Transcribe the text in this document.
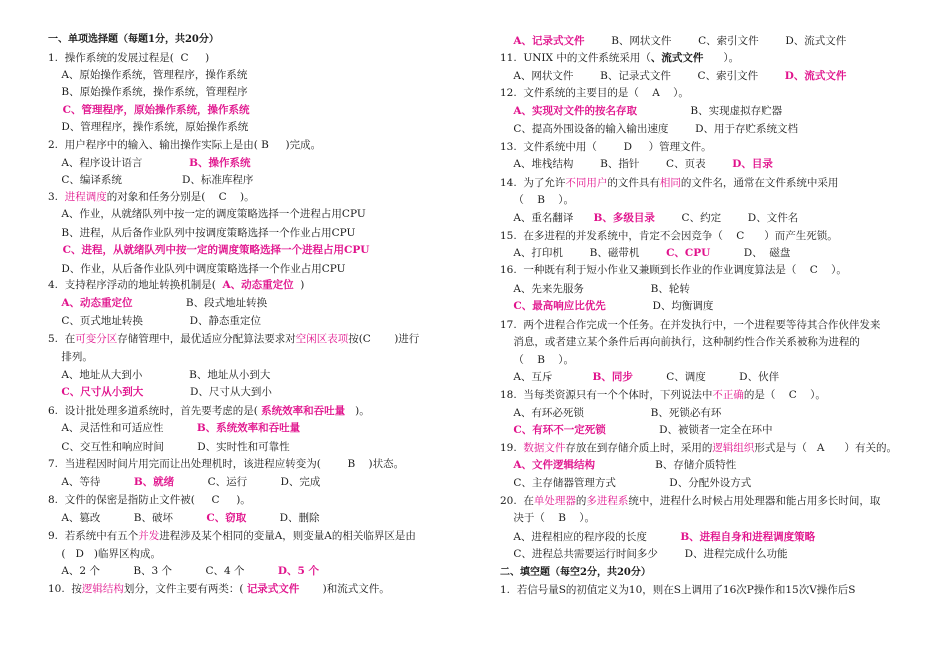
一、单项选择题（每题1分，共20分）
1.  操作系统的发展过程是(  C     )
A、原始操作系统，管理程序，操作系统
B、原始操作系统，操作系统，管理程序
C、管理程序，原始操作系统，操作系统
D、管理程序，操作系统，原始操作系统
2.  用户程序中的输入、输出操作实际上是由( B     )完成。
A、程序设计语言              B、操作系统
C、编译系统                  D、标准库程序
3.  进程调度的对象和任务分别是(    C    )。
A、作业，从就绪队列中按一定的调度策略选择一个进程占用CPU
B、进程，从后备作业队列中按调度策略选择一个作业占用CPU
C、进程，从就绪队列中按一定的调度策略选择一个进程占用CPU
D、作业，从后备作业队列中调度策略选择一个作业占用CPU
4.  支持程序浮动的地址转换机制是(  A、动态重定位  )
A、动态重定位                B、段式地址转换
C、页式地址转换              D、静态重定位
5.  在可变分区存储管理中，最优适应分配算法要求对空闲区表项按(C       )进行
排列。
A、地址从大到小              B、地址从小到大
C、尺寸从小到大              D、尺寸从大到小
6.  设计批处理多道系统时，首先要考虑的是( 系统效率和吞吐量   )。
A、灵活性和可适应性          B、系统效率和吞吐量
C、交互性和响应时间          D、实时性和可靠性
7.  当进程因时间片用完而让出处理机时，该进程应转变为(        B    )状态。
A、等待          B、就绪          C、运行          D、完成
8.  文件的保密是指防止文件被(     C     )。
A、篡改          B、破坏          C、窃取          D、删除
9.  若系统中有五个并发进程涉及某个相同的变量A，则变量A的相关临界区是由
(   D   )临界区构成。
A、2 个          B、3 个          C、4 个          D、5 个
10.  按逻辑结构划分，文件主要有两类：( 记录式文件       )和流式文件。
A、记录式文件        B、网状文件        C、索引文件        D、流式文件
11.  UNIX 中的文件系统采用（、流式文件      ）。
A、网状文件        B、记录式文件        C、索引文件        D、流式文件
12.  文件系统的主要目的是（    A    ）。
A、实现对文件的按名存取                B、实现虚拟存贮器
C、提高外围设备的输入输出速度        D、用于存贮系统文档
13.  文件系统中用（        D     ）管理文件。
A、堆栈结构        B、指针        C、页表        D、目录
14.  为了允许不同用户的文件具有相同的文件名，通常在文件系统中采用
（    B    ）。
A、重名翻译      B、多级目录        C、约定        D、文件名
15.  在多进程的并发系统中，肯定不会因竞争（    C      ）而产生死锁。
A、打印机        B、磁带机        C、CPU          D、  磁盘
16.  一种既有利于短小作业又兼顾到长作业的作业调度算法是（    C    ）。
A、先来先服务                    B、轮转
C、最高响应比优先              D、均衡调度
17.  两个进程合作完成一个任务。在并发执行中，一个进程要等待其合作伙伴发来
消息，或者建立某个条件后再向前执行，这种制约性合作关系被称为进程的
（    B    ）。
A、互斥            B、同步          C、调度          D、伙伴
18.  当每类资源只有一个个体时，下列说法中不正确的是（    C    ）。
A、有环必死锁                    B、死锁必有环
C、有环不一定死锁                D、被锁者一定全在环中
19.  数据文件存放在到存储介质上时，采用的逻辑组织形式是与（   A      ）有关的。
A、文件逻辑结构                  B、存储介质特性
C、主存储器管理方式                D、分配外设方式
20.  在单处理器的多进程系统中，进程什么时候占用处理器和能占用多长时间，取
决于（    B    ）。
A、进程相应的程序段的长度          B、进程自身和进程调度策略
C、进程总共需要运行时间多少        D、进程完成什么功能
二、填空题（每空2分，共20分）
1.  若信号量S的初值定义为10，则在S上调用了16次P操作和15次V操作后S
